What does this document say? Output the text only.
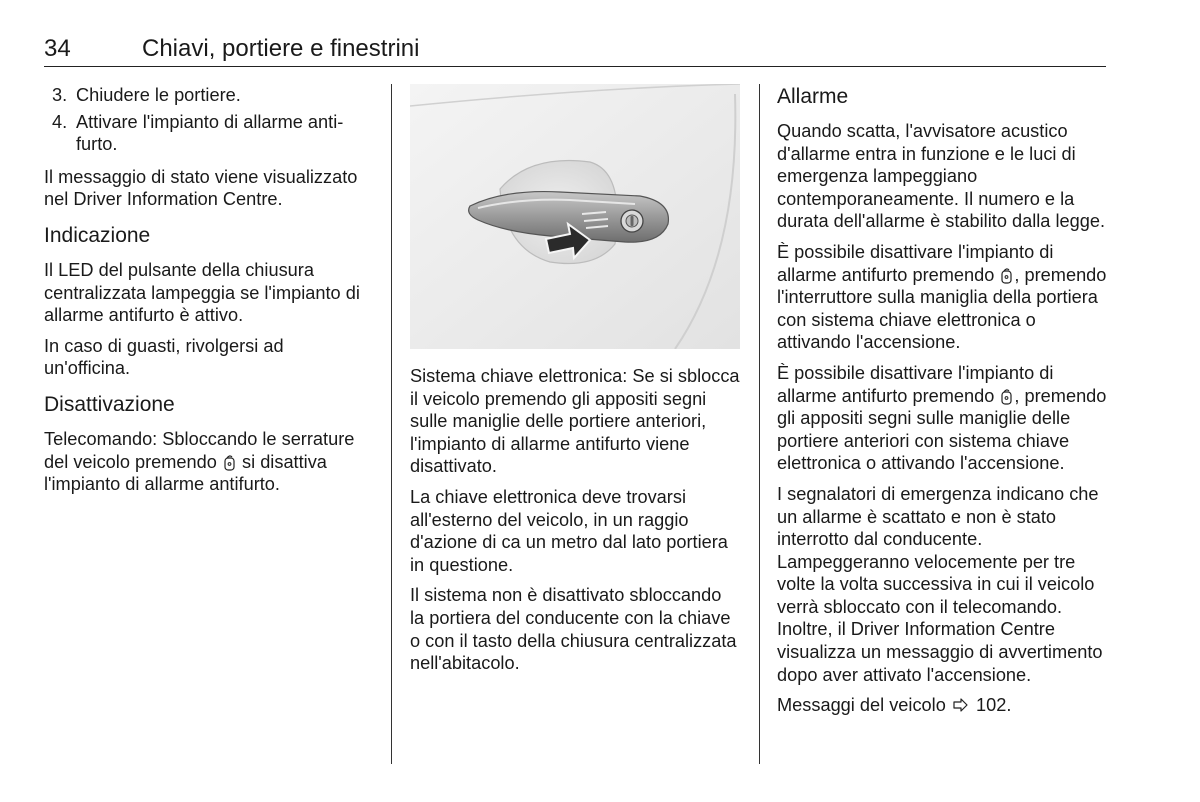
34	Chiavi, portiere e finestrini
3. Chiudere le portiere.
4. Attivare l'impianto di allarme anti-furto.

Il messaggio di stato viene visualizzato nel Driver Information Centre.

Indicazione

Il LED del pulsante della chiusura centralizzata lampeggia se l'impianto di allarme antifurto è attivo.

In caso di guasti, rivolgersi ad un'officina.

Disattivazione

Telecomando: Sbloccando le serrature del veicolo premendo  si disattiva l'impianto di allarme antifurto.

Sistema chiave elettronica: Se si sblocca il veicolo premendo gli appositi segni sulle maniglie delle portiere anteriori, l'impianto di allarme antifurto viene disattivato.

La chiave elettronica deve trovarsi all'esterno del veicolo, in un raggio d'azione di ca un metro dal lato portiera in questione.

Il sistema non è disattivato sbloccando la portiera del conducente con la chiave o con il tasto della chiusura centralizzata nell'abitacolo.

Allarme

Quando scatta, l'avvisatore acustico d'allarme entra in funzione e le luci di emergenza lampeggiano contemporaneamente. Il numero e la durata dell'allarme è stabilito dalla legge.

È possibile disattivare l'impianto di allarme antifurto premendo , premendo l'interruttore sulla maniglia della portiera con sistema chiave elettronica o attivando l'accensione.

È possibile disattivare l'impianto di allarme antifurto premendo , premendo gli appositi segni sulle maniglie delle portiere anteriori con sistema chiave elettronica o attivando l'accensione.

I segnalatori di emergenza indicano che un allarme è scattato e non è stato interrotto dal conducente. Lampeggeranno velocemente per tre volte la volta successiva in cui il veicolo verrà sbloccato con il telecomando. Inoltre, il Driver Information Centre visualizza un messaggio di avvertimento dopo aver attivato l'accensione.

Messaggi del veicolo 102.
